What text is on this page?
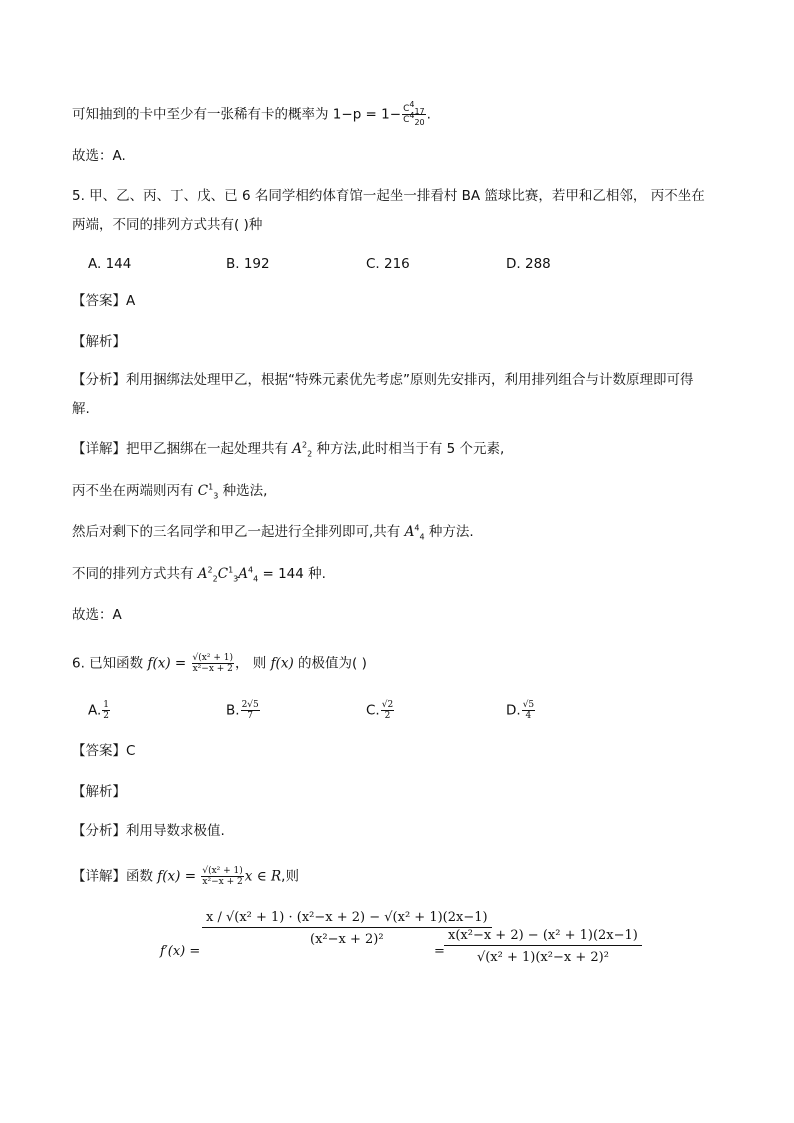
可知抽到的卡中至少有一张稀有卡的概率为 $1-p = 1- \frac{C^4_{17}}{C^4_{20}}$ .
故选：A.
5. 甲、乙、丙、丁、戊、已 6 名同学相约体育馆一起坐一排看村 BA 篮球比赛，若甲和乙相邻， 丙不坐在
两端，不同的排列方式共有( )种
A. 144	B. 192	C. 216	D. 288
【答案】A
【解析】
【分析】利用捆绑法处理甲乙，根据“特殊元素优先考虑”原则先安排丙，利用排列组合与计数原理即可得
解.
【详解】把甲乙捆绑在一起处理共有 $A^2_2$ 种方法,此时相当于有 5 个元素,
丙不坐在两端则丙有 $C^1_3$ 种选法,
然后对剩下的三名同学和甲乙一起进行全排列即可,共有 $A^4_4$ 种方法.
不同的排列方式共有 $A^2_2C^1_3A^4_4 = 144$ 种.
故选：A
6. 已知函数 $f(x) = \frac{\text{√(x² + 1)}}{\text{x²−x + 2}}$ ， 则 f(x) 的极值为( )
A. $\frac{1}{2}$	B. $\frac{2√5}{7}$	C. $\frac{√2}{2}$	D. $\frac{√5}{4}$
【答案】C
【解析】
【分析】利用导数求极值.
【详解】函数 $f(x) = \frac{\text{√(x² + 1)}}{\text{x²−x + 2}}$ x ∈ R,则
f′(x) =
x / √(x² + 1) · (x²−x + 2) − √(x² + 1)(2x−1)
(x²−x + 2)²
=
x(x²−x + 2) − (x² + 1)(2x−1)
√(x² + 1)(x²−x + 2)²
